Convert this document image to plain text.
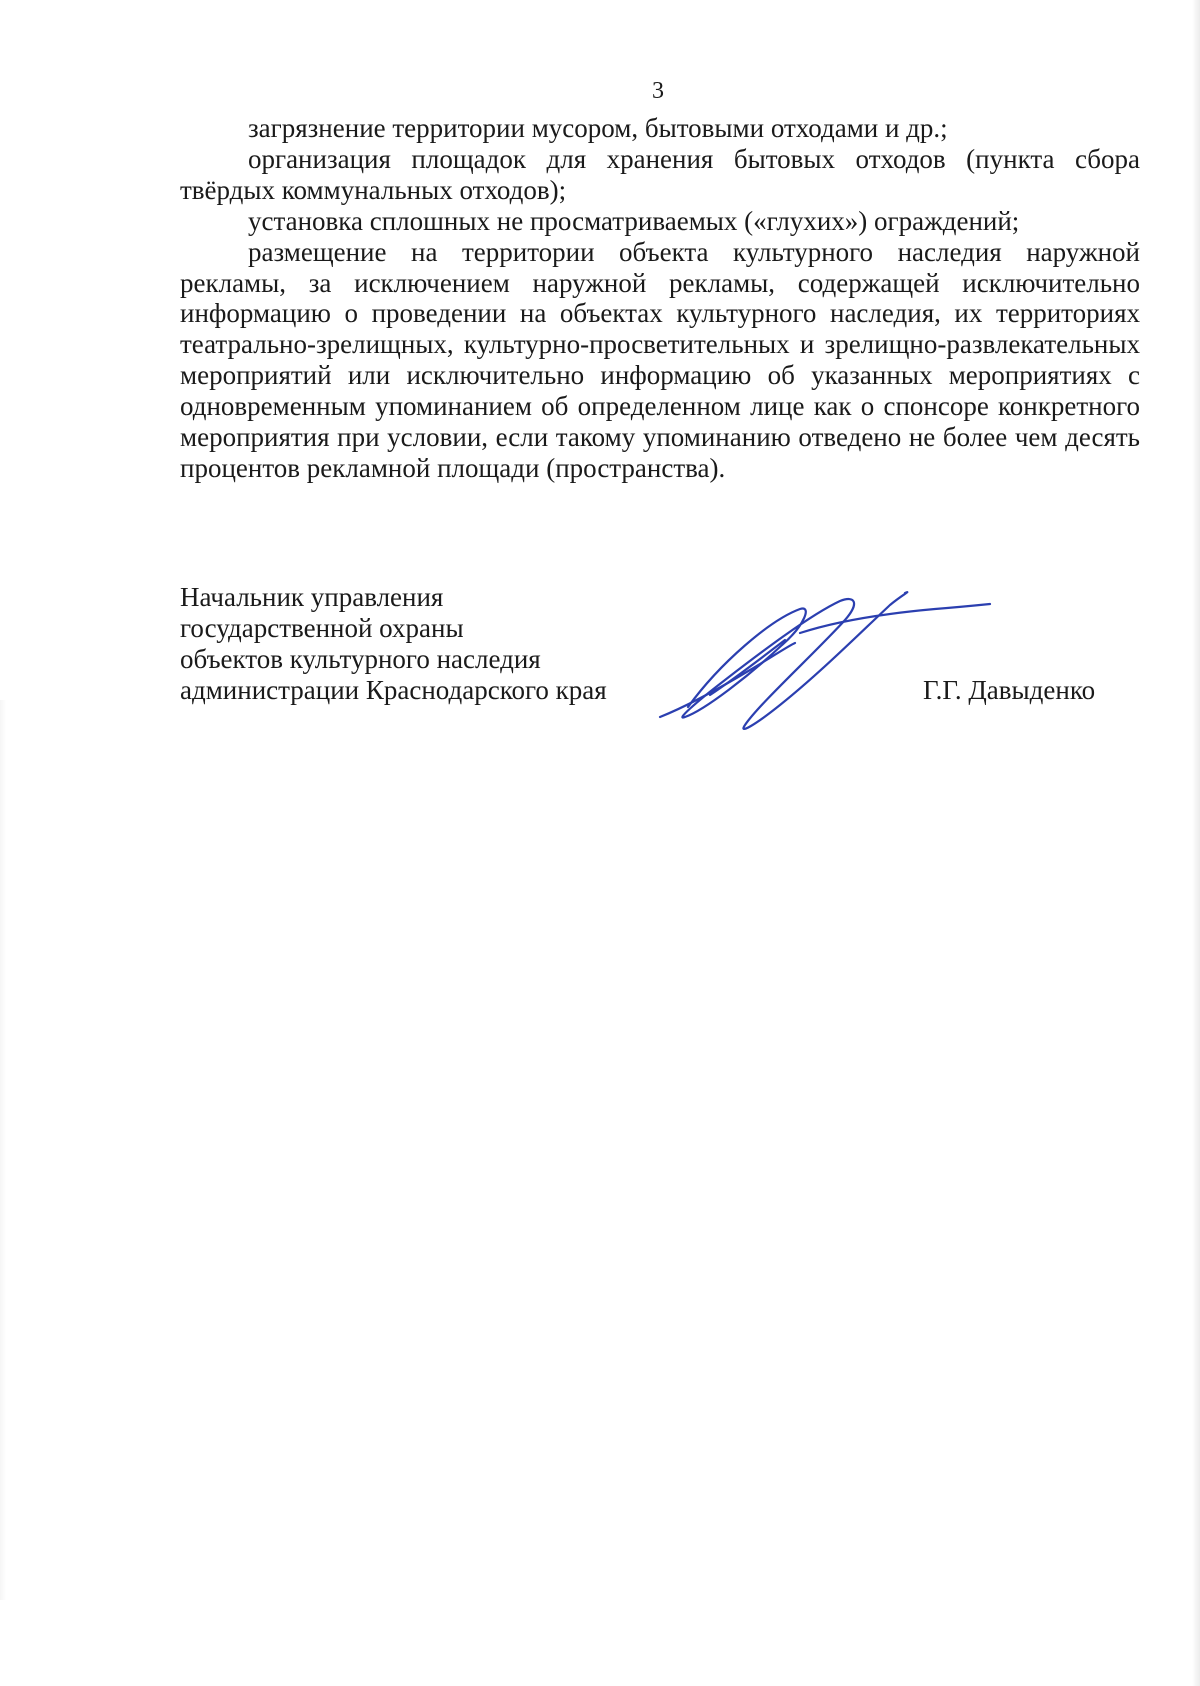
3

загрязнение территории мусором, бытовыми отходами и др.;

организация площадок для хранения бытовых отходов (пункта сбора твёрдых коммунальных отходов);

установка сплошных не просматриваемых («глухих») ограждений;

размещение на территории объекта культурного наследия наружной рекламы, за исключением наружной рекламы, содержащей исключительно информацию о проведении на объектах культурного наследия, их территориях театрально-зрелищных, культурно-просветительных и зрелищно-развлекательных мероприятий или исключительно информацию об указанных мероприятиях с одновременным упоминанием об определенном лице как о спонсоре конкретного мероприятия при условии, если такому упоминанию отведено не более чем десять процентов рекламной площади (пространства).

Начальник управления
государственной охраны
объектов культурного наследия
администрации Краснодарского края	Г.Г. Давыденко
